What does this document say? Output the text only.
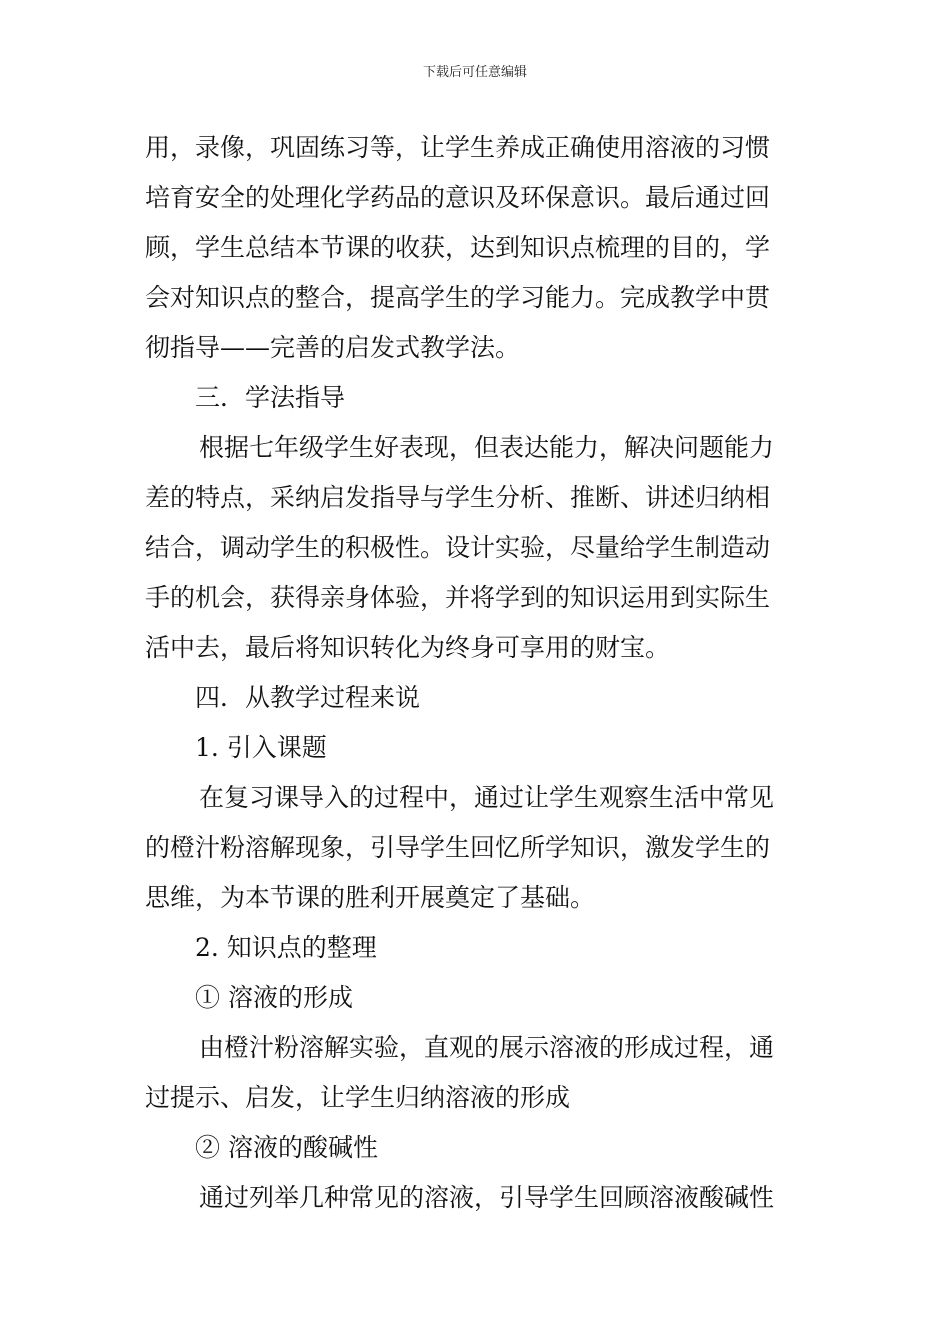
下载后可任意编辑
用，录像，巩固练习等，让学生养成正确使用溶液的习惯
培育安全的处理化学药品的意识及环保意识。最后通过回
顾，学生总结本节课的收获，达到知识点梳理的目的，学
会对知识点的整合，提高学生的学习能力。完成教学中贯
彻指导——完善的启发式教学法。
三．学法指导
根据七年级学生好表现，但表达能力，解决问题能力
差的特点，采纳启发指导与学生分析、推断、讲述归纳相
结合，调动学生的积极性。设计实验，尽量给学生制造动
手的机会，获得亲身体验，并将学到的知识运用到实际生
活中去，最后将知识转化为终身可享用的财宝。
四．从教学过程来说
1. 引入课题
在复习课导入的过程中，通过让学生观察生活中常见
的橙汁粉溶解现象，引导学生回忆所学知识，激发学生的
思维，为本节课的胜利开展奠定了基础。
2. 知识点的整理
① 溶液的形成
由橙汁粉溶解实验，直观的展示溶液的形成过程，通
过提示、启发，让学生归纳溶液的形成
② 溶液的酸碱性
通过列举几种常见的溶液，引导学生回顾溶液酸碱性
